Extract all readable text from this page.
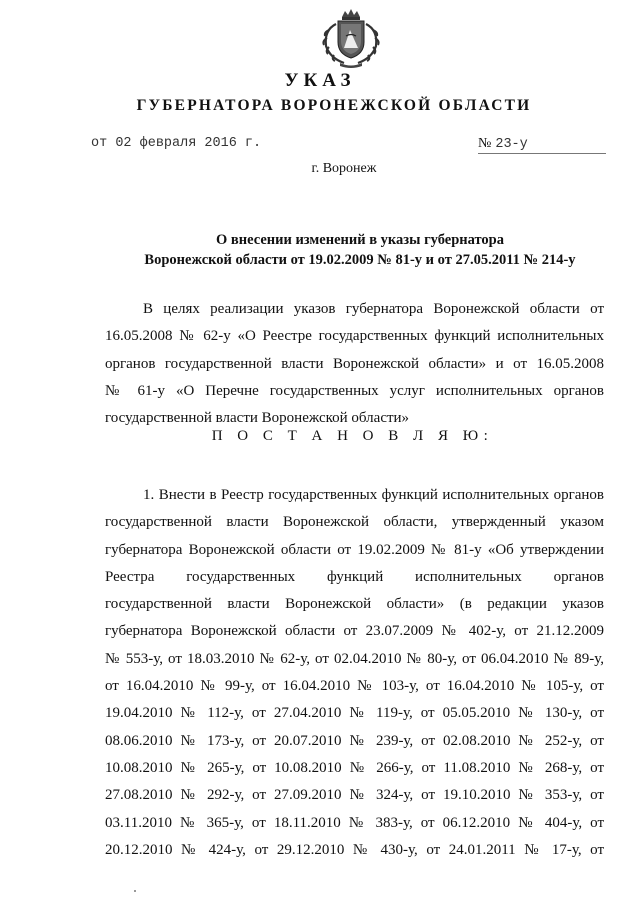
УКАЗ
ГУБЕРНАТОРА ВОРОНЕЖСКОЙ ОБЛАСТИ
от 02 февраля 2016 г.	№ 23-у
г. Воронеж
О внесении изменений в указы губернатора
Воронежской области от 19.02.2009 № 81-у и от 27.05.2011 № 214-у
В целях реализации указов губернатора Воронежской области от
16.05.2008 № 62-у «О Реестре государственных функций исполнительных
органов государственной власти Воронежской области» и от 16.05.2008
№ 61-у «О Перечне государственных услуг исполнительных органов
государственной власти Воронежской области»
П О С Т А Н О В Л Я Ю:
1. Внести в Реестр государственных функций исполнительных органов
государственной власти Воронежской области, утвержденный указом
губернатора Воронежской области от 19.02.2009 № 81-у «Об утверждении
Реестра государственных функций исполнительных органов
государственной власти Воронежской области» (в редакции указов
губернатора Воронежской области от 23.07.2009 № 402-у, от 21.12.2009
№ 553-у, от 18.03.2010 № 62-у, от 02.04.2010 № 80-у, от 06.04.2010 № 89-у,
от 16.04.2010 № 99-у, от 16.04.2010 № 103-у, от 16.04.2010 № 105-у, от
19.04.2010 № 112-у, от 27.04.2010 № 119-у, от 05.05.2010 № 130-у, от
08.06.2010 № 173-у, от 20.07.2010 № 239-у, от 02.08.2010 № 252-у, от
10.08.2010 № 265-у, от 10.08.2010 № 266-у, от 11.08.2010 № 268-у, от
27.08.2010 № 292-у, от 27.09.2010 № 324-у, от 19.10.2010 № 353-у, от
03.11.2010 № 365-у, от 18.11.2010 № 383-у, от 06.12.2010 № 404-у, от
20.12.2010 № 424-у, от 29.12.2010 № 430-у, от 24.01.2011 № 17-у, от
